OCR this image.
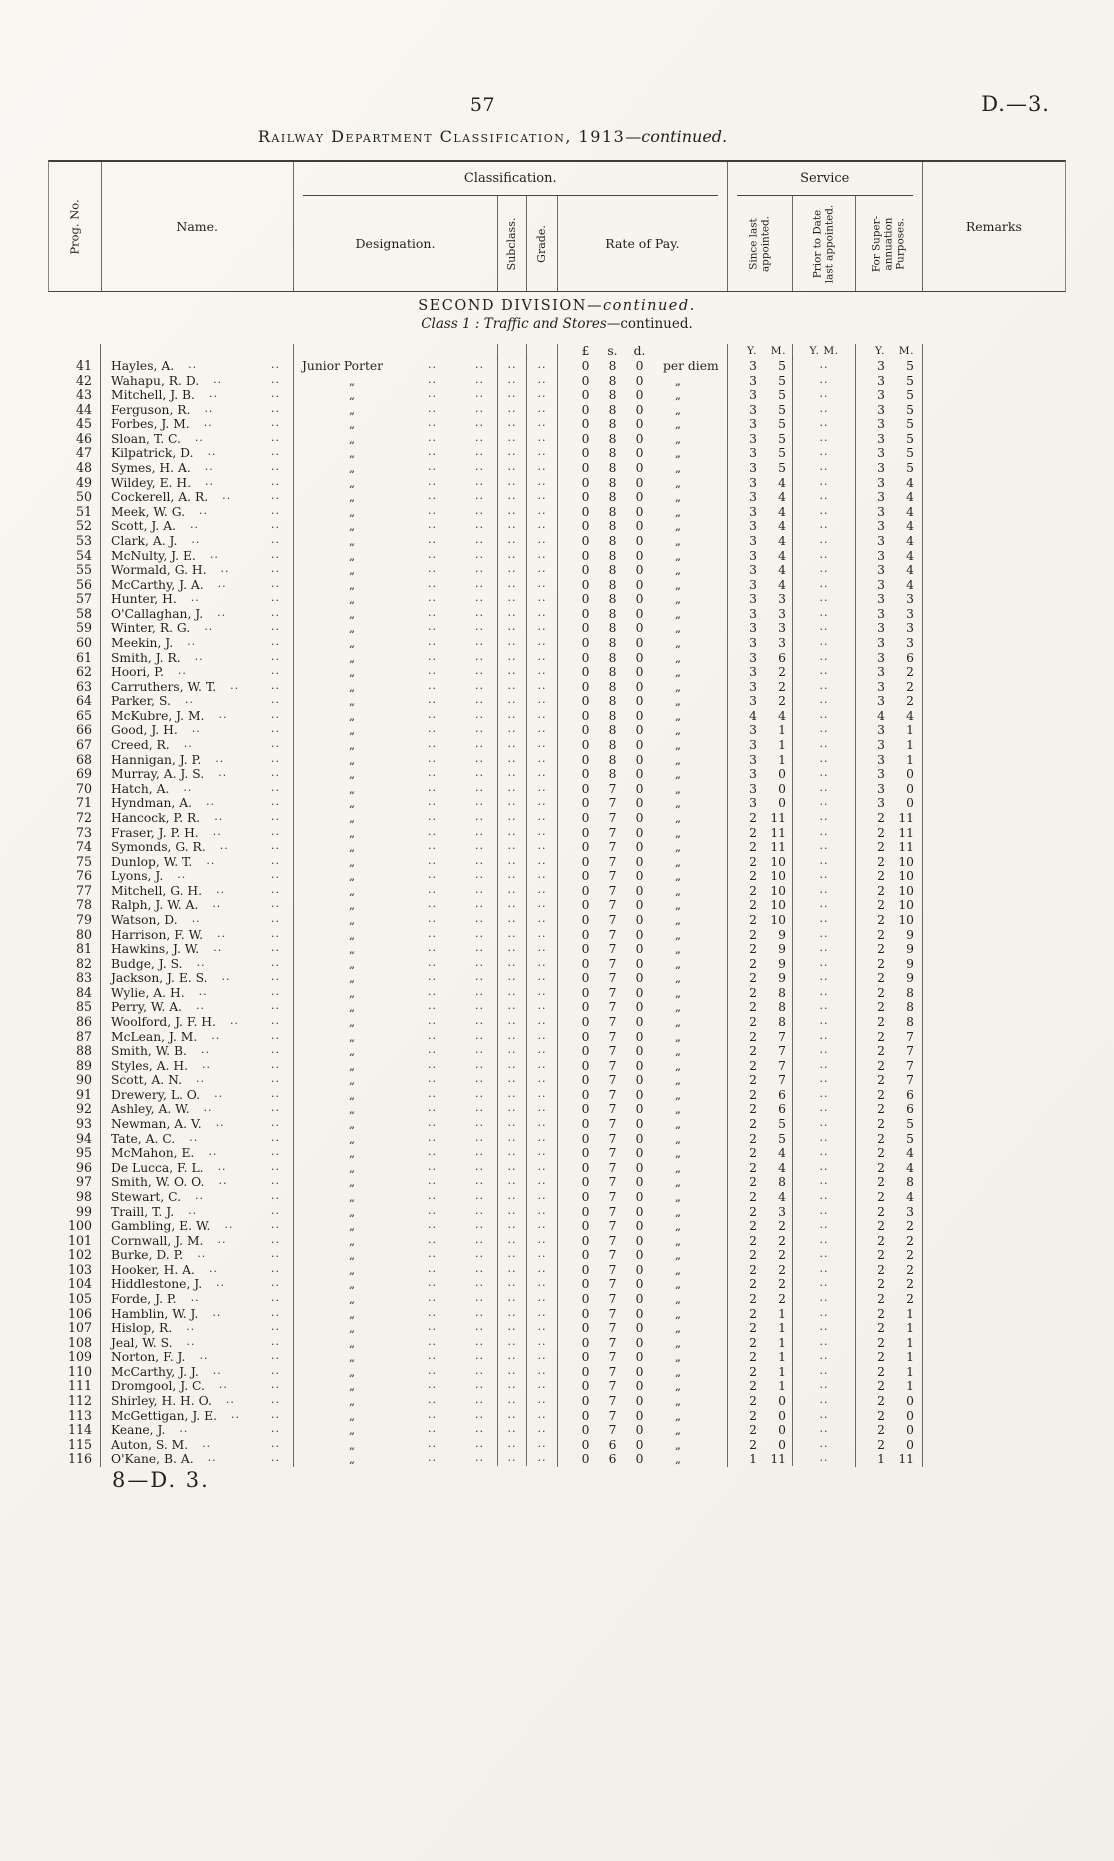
57	D.—3.
Railway Department Classification, 1913—continued.
Prog. No.	Name.
Classification.
Designation.	Subclass. Grade.	Rate of Pay.
Service
Since last appointed.	Prior to Date last appointed.	For Super-annuation Purposes.	Remarks
SECOND DIVISION—continued.
Class 1 : Traffic and Stores—continued.
£	s.	d.	Y.	M.	Y. M.	Y.	M.
41	Hayles, A. ..	..	Junior Porter	..	..	..	..	0	8	0	per diem	3	5	..	3	5
42	Wahapu, R. D. ..	..	„	..	..	..	..	0	8	0	„	3	5	..	3	5
43	Mitchell, J. B. ..	..	„	..	..	..	..	0	8	0	„	3	5	..	3	5
44	Ferguson, R. ..	..	„	..	..	..	..	0	8	0	„	3	5	..	3	5
45	Forbes, J. M. ..	..	„	..	..	..	..	0	8	0	„	3	5	..	3	5
46	Sloan, T. C. ..	..	„	..	..	..	..	0	8	0	„	3	5	..	3	5
47	Kilpatrick, D. ..	..	„	..	..	..	..	0	8	0	„	3	5	..	3	5
48	Symes, H. A. ..	..	„	..	..	..	..	0	8	0	„	3	5	..	3	5
49	Wildey, E. H. ..	..	„	..	..	..	..	0	8	0	„	3	4	..	3	4
50	Cockerell, A. R. ..	..	„	..	..	..	..	0	8	0	„	3	4	..	3	4
51	Meek, W. G. ..	..	„	..	..	..	..	0	8	0	„	3	4	..	3	4
52	Scott, J. A. ..	..	„	..	..	..	..	0	8	0	„	3	4	..	3	4
53	Clark, A. J. ..	..	„	..	..	..	..	0	8	0	„	3	4	..	3	4
54	McNulty, J. E. ..	..	„	..	..	..	..	0	8	0	„	3	4	..	3	4
55	Wormald, G. H. ..	..	„	..	..	..	..	0	8	0	„	3	4	..	3	4
56	McCarthy, J. A. ..	..	„	..	..	..	..	0	8	0	„	3	4	..	3	4
57	Hunter, H. ..	..	„	..	..	..	..	0	8	0	„	3	3	..	3	3
58	O'Callaghan, J. ..	..	„	..	..	..	..	0	8	0	„	3	3	..	3	3
59	Winter, R. G. ..	..	„	..	..	..	..	0	8	0	„	3	3	..	3	3
60	Meekin, J. ..	..	„	..	..	..	..	0	8	0	„	3	3	..	3	3
61	Smith, J. R. ..	..	„	..	..	..	..	0	8	0	„	3	6	..	3	6
62	Hoori, P. ..	..	„	..	..	..	..	0	8	0	„	3	2	..	3	2
63	Carruthers, W. T. ..	..	„	..	..	..	..	0	8	0	„	3	2	..	3	2
64	Parker, S. ..	..	„	..	..	..	..	0	8	0	„	3	2	..	3	2
65	McKubre, J. M. ..	..	„	..	..	..	..	0	8	0	„	4	4	..	4	4
66	Good, J. H. ..	..	„	..	..	..	..	0	8	0	„	3	1	..	3	1
67	Creed, R. ..	..	„	..	..	..	..	0	8	0	„	3	1	..	3	1
68	Hannigan, J. P. ..	..	„	..	..	..	..	0	8	0	„	3	1	..	3	1
69	Murray, A. J. S. ..	..	„	..	..	..	..	0	8	0	„	3	0	..	3	0
70	Hatch, A. ..	..	„	..	..	..	..	0	7	0	„	3	0	..	3	0
71	Hyndman, A. ..	..	„	..	..	..	..	0	7	0	„	3	0	..	3	0
72	Hancock, P. R. ..	..	„	..	..	..	..	0	7	0	„	2	11	..	2	11
73	Fraser, J. P. H. ..	..	„	..	..	..	..	0	7	0	„	2	11	..	2	11
74	Symonds, G. R. ..	..	„	..	..	..	..	0	7	0	„	2	11	..	2	11
75	Dunlop, W. T. ..	..	„	..	..	..	..	0	7	0	„	2	10	..	2	10
76	Lyons, J. ..	..	„	..	..	..	..	0	7	0	„	2	10	..	2	10
77	Mitchell, G. H. ..	..	„	..	..	..	..	0	7	0	„	2	10	..	2	10
78	Ralph, J. W. A. ..	..	„	..	..	..	..	0	7	0	„	2	10	..	2	10
79	Watson, D. ..	..	„	..	..	..	..	0	7	0	„	2	10	..	2	10
80	Harrison, F. W. ..	..	„	..	..	..	..	0	7	0	„	2	9	..	2	9
81	Hawkins, J. W. ..	..	„	..	..	..	..	0	7	0	„	2	9	..	2	9
82	Budge, J. S. ..	..	„	..	..	..	..	0	7	0	„	2	9	..	2	9
83	Jackson, J. E. S. ..	..	„	..	..	..	..	0	7	0	„	2	9	..	2	9
84	Wylie, A. H. ..	..	„	..	..	..	..	0	7	0	„	2	8	..	2	8
85	Perry, W. A. ..	..	„	..	..	..	..	0	7	0	„	2	8	..	2	8
86	Woolford, J. F. H. ..	..	„	..	..	..	..	0	7	0	„	2	8	..	2	8
87	McLean, J. M. ..	..	„	..	..	..	..	0	7	0	„	2	7	..	2	7
88	Smith, W. B. ..	..	„	..	..	..	..	0	7	0	„	2	7	..	2	7
89	Styles, A. H. ..	..	„	..	..	..	..	0	7	0	„	2	7	..	2	7
90	Scott, A. N. ..	..	„	..	..	..	..	0	7	0	„	2	7	..	2	7
91	Drewery, L. O. ..	..	„	..	..	..	..	0	7	0	„	2	6	..	2	6
92	Ashley, A. W. ..	..	„	..	..	..	..	0	7	0	„	2	6	..	2	6
93	Newman, A. V. ..	..	„	..	..	..	..	0	7	0	„	2	5	..	2	5
94	Tate, A. C. ..	..	„	..	..	..	..	0	7	0	„	2	5	..	2	5
95	McMahon, E. ..	..	„	..	..	..	..	0	7	0	„	2	4	..	2	4
96	De Lucca, F. L. ..	..	„	..	..	..	..	0	7	0	„	2	4	..	2	4
97	Smith, W. O. O. ..	..	„	..	..	..	..	0	7	0	„	2	8	..	2	8
98	Stewart, C. ..	..	„	..	..	..	..	0	7	0	„	2	4	..	2	4
99	Traill, T. J. ..	..	„	..	..	..	..	0	7	0	„	2	3	..	2	3
100	Gambling, E. W. ..	..	„	..	..	..	..	0	7	0	„	2	2	..	2	2
101	Cornwall, J. M. ..	..	„	..	..	..	..	0	7	0	„	2	2	..	2	2
102	Burke, D. P. ..	..	„	..	..	..	..	0	7	0	„	2	2	..	2	2
103	Hooker, H. A. ..	..	„	..	..	..	..	0	7	0	„	2	2	..	2	2
104	Hiddlestone, J. ..	..	„	..	..	..	..	0	7	0	„	2	2	..	2	2
105	Forde, J. P. ..	..	„	..	..	..	..	0	7	0	„	2	2	..	2	2
106	Hamblin, W. J. ..	..	„	..	..	..	..	0	7	0	„	2	1	..	2	1
107	Hislop, R. ..	..	„	..	..	..	..	0	7	0	„	2	1	..	2	1
108	Jeal, W. S. ..	..	„	..	..	..	..	0	7	0	„	2	1	..	2	1
109	Norton, F. J. ..	..	„	..	..	..	..	0	7	0	„	2	1	..	2	1
110	McCarthy, J. J. ..	..	„	..	..	..	..	0	7	0	„	2	1	..	2	1
111	Dromgool, J. C. ..	..	„	..	..	..	..	0	7	0	„	2	1	..	2	1
112	Shirley, H. H. O. ..	..	„	..	..	..	..	0	7	0	„	2	0	..	2	0
113	McGettigan, J. E. ..	..	„	..	..	..	..	0	7	0	„	2	0	..	2	0
114	Keane, J. ..	..	„	..	..	..	..	0	7	0	„	2	0	..	2	0
115	Auton, S. M. ..	..	„	..	..	..	..	0	6	0	„	2	0	..	2	0
116	O'Kane, B. A. ..	..	„	..	..	..	..	0	6	0	„	1	11	..	1	11
8—D. 3.
